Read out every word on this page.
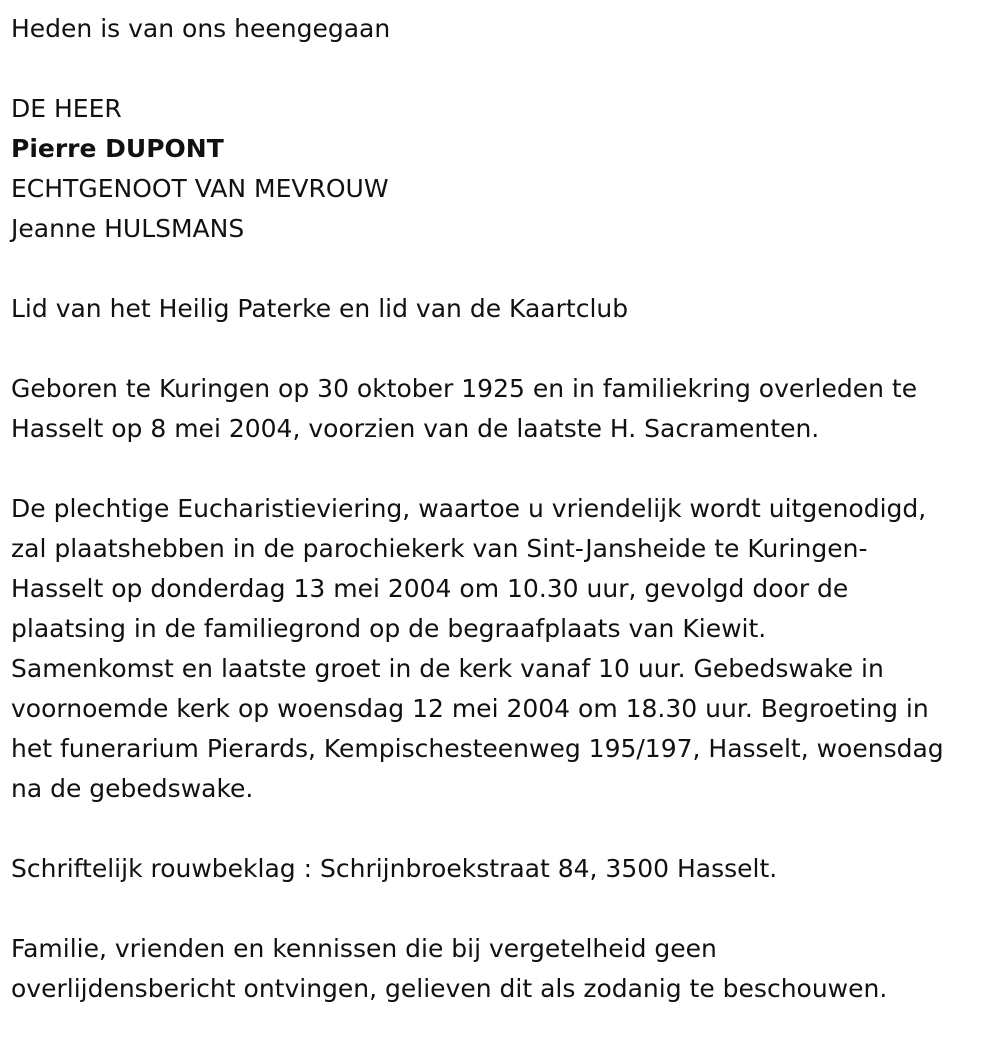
Heden is van ons heengegaan
DE HEER
Pierre DUPONT
ECHTGENOOT VAN MEVROUW
Jeanne HULSMANS
Lid van het Heilig Paterke en lid van de Kaartclub
Geboren te Kuringen op 30 oktober 1925 en in familiekring overleden te
Hasselt op 8 mei 2004, voorzien van de laatste H. Sacramenten.
De plechtige Eucharistieviering, waartoe u vriendelijk wordt uitgenodigd,
zal plaatshebben in de parochiekerk van Sint-Jansheide te Kuringen-
Hasselt op donderdag 13 mei 2004 om 10.30 uur, gevolgd door de
plaatsing in de familiegrond op de begraafplaats van Kiewit.
Samenkomst en laatste groet in de kerk vanaf 10 uur. Gebedswake in
voornoemde kerk op woensdag 12 mei 2004 om 18.30 uur. Begroeting in
het funerarium Pierards, Kempischesteenweg 195/197, Hasselt, woensdag
na de gebedswake.
Schriftelijk rouwbeklag : Schrijnbroekstraat 84, 3500 Hasselt.
Familie, vrienden en kennissen die bij vergetelheid geen
overlijdensbericht ontvingen, gelieven dit als zodanig te beschouwen.
